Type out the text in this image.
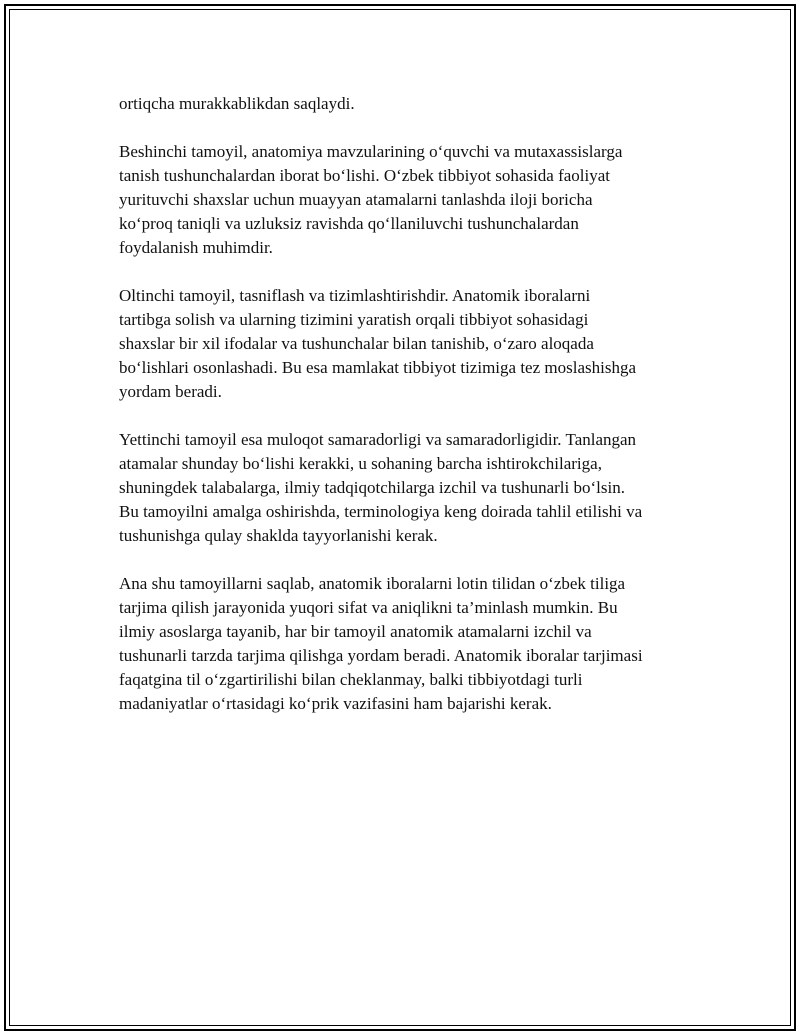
ortiqcha murakkablikdan saqlaydi.

Beshinchi tamoyil, anatomiya mavzularining o‘quvchi va mutaxassislarga
tanish tushunchalardan iborat bo‘lishi. O‘zbek tibbiyot sohasida faoliyat
yurituvchi shaxslar uchun muayyan atamalarni tanlashda iloji boricha
ko‘proq taniqli va uzluksiz ravishda qo‘llaniluvchi tushunchalardan
foydalanish muhimdir.

Oltinchi tamoyil, tasniflash va tizimlashtirishdir. Anatomik iboralarni
tartibga solish va ularning tizimini yaratish orqali tibbiyot sohasidagi
shaxslar bir xil ifodalar va tushunchalar bilan tanishib, o‘zaro aloqada
bo‘lishlari osonlashadi. Bu esa mamlakat tibbiyot tizimiga tez moslashishga
yordam beradi.

Yettinchi tamoyil esa muloqot samaradorligi va samaradorligidir. Tanlangan
atamalar shunday bo‘lishi kerakki, u sohaning barcha ishtirokchilariga,
shuningdek talabalarga, ilmiy tadqiqotchilarga izchil va tushunarli bo‘lsin.
Bu tamoyilni amalga oshirishda, terminologiya keng doirada tahlil etilishi va
tushunishga qulay shaklda tayyorlanishi kerak.

Ana shu tamoyillarni saqlab, anatomik iboralarni lotin tilidan o‘zbek tiliga
tarjima qilish jarayonida yuqori sifat va aniqlikni ta’minlash mumkin. Bu
ilmiy asoslarga tayanib, har bir tamoyil anatomik atamalarni izchil va
tushunarli tarzda tarjima qilishga yordam beradi. Anatomik iboralar tarjimasi
faqatgina til o‘zgartirilishi bilan cheklanmay, balki tibbiyotdagi turli
madaniyatlar o‘rtasidagi ko‘prik vazifasini ham bajarishi kerak.
